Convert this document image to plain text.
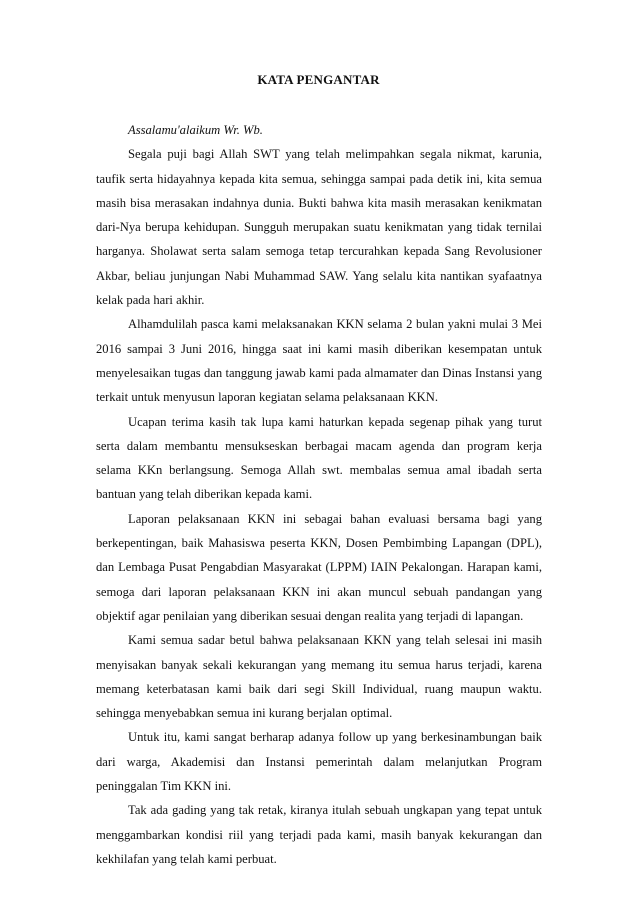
KATA PENGANTAR

Assalamu'alaikum Wr. Wb.

Segala puji bagi Allah SWT yang telah melimpahkan segala nikmat, karunia, taufik serta hidayahnya kepada kita semua, sehingga sampai pada detik ini, kita semua masih bisa merasakan indahnya dunia. Bukti bahwa kita masih merasakan kenikmatan dari-Nya berupa kehidupan. Sungguh merupakan suatu kenikmatan yang tidak ternilai harganya. Sholawat serta salam semoga tetap tercurahkan kepada Sang Revolusioner Akbar, beliau junjungan Nabi Muhammad SAW. Yang selalu kita nantikan syafaatnya kelak pada hari akhir.

Alhamdulilah pasca kami melaksanakan KKN selama 2 bulan yakni mulai 3 Mei 2016 sampai 3 Juni 2016, hingga saat ini kami masih diberikan kesempatan untuk menyelesaikan tugas dan tanggung jawab kami pada almamater dan Dinas Instansi yang terkait untuk menyusun laporan kegiatan selama pelaksanaan KKN.

Ucapan terima kasih tak lupa kami haturkan kepada segenap pihak yang turut serta dalam membantu mensukseskan berbagai macam agenda dan program kerja selama KKn berlangsung. Semoga Allah swt. membalas semua amal ibadah serta bantuan yang telah diberikan kepada kami.

Laporan pelaksanaan KKN ini sebagai bahan evaluasi bersama bagi yang berkepentingan, baik Mahasiswa peserta KKN, Dosen Pembimbing Lapangan (DPL), dan Lembaga Pusat Pengabdian Masyarakat (LPPM) IAIN Pekalongan. Harapan kami, semoga dari laporan pelaksanaan KKN ini akan muncul sebuah pandangan yang objektif agar penilaian yang diberikan sesuai dengan realita yang terjadi di lapangan.

Kami semua sadar betul bahwa pelaksanaan KKN yang telah selesai ini masih menyisakan banyak sekali kekurangan yang memang itu semua harus terjadi, karena memang keterbatasan kami baik dari segi Skill Individual, ruang maupun waktu. sehingga menyebabkan semua ini kurang berjalan optimal.

Untuk itu, kami sangat berharap adanya follow up yang berkesinambungan baik dari warga, Akademisi dan Instansi pemerintah dalam melanjutkan Program peninggalan Tim KKN ini.

Tak ada gading yang tak retak, kiranya itulah sebuah ungkapan yang tepat untuk menggambarkan kondisi riil yang terjadi pada kami, masih banyak kekurangan dan kekhilafan yang telah kami perbuat.
